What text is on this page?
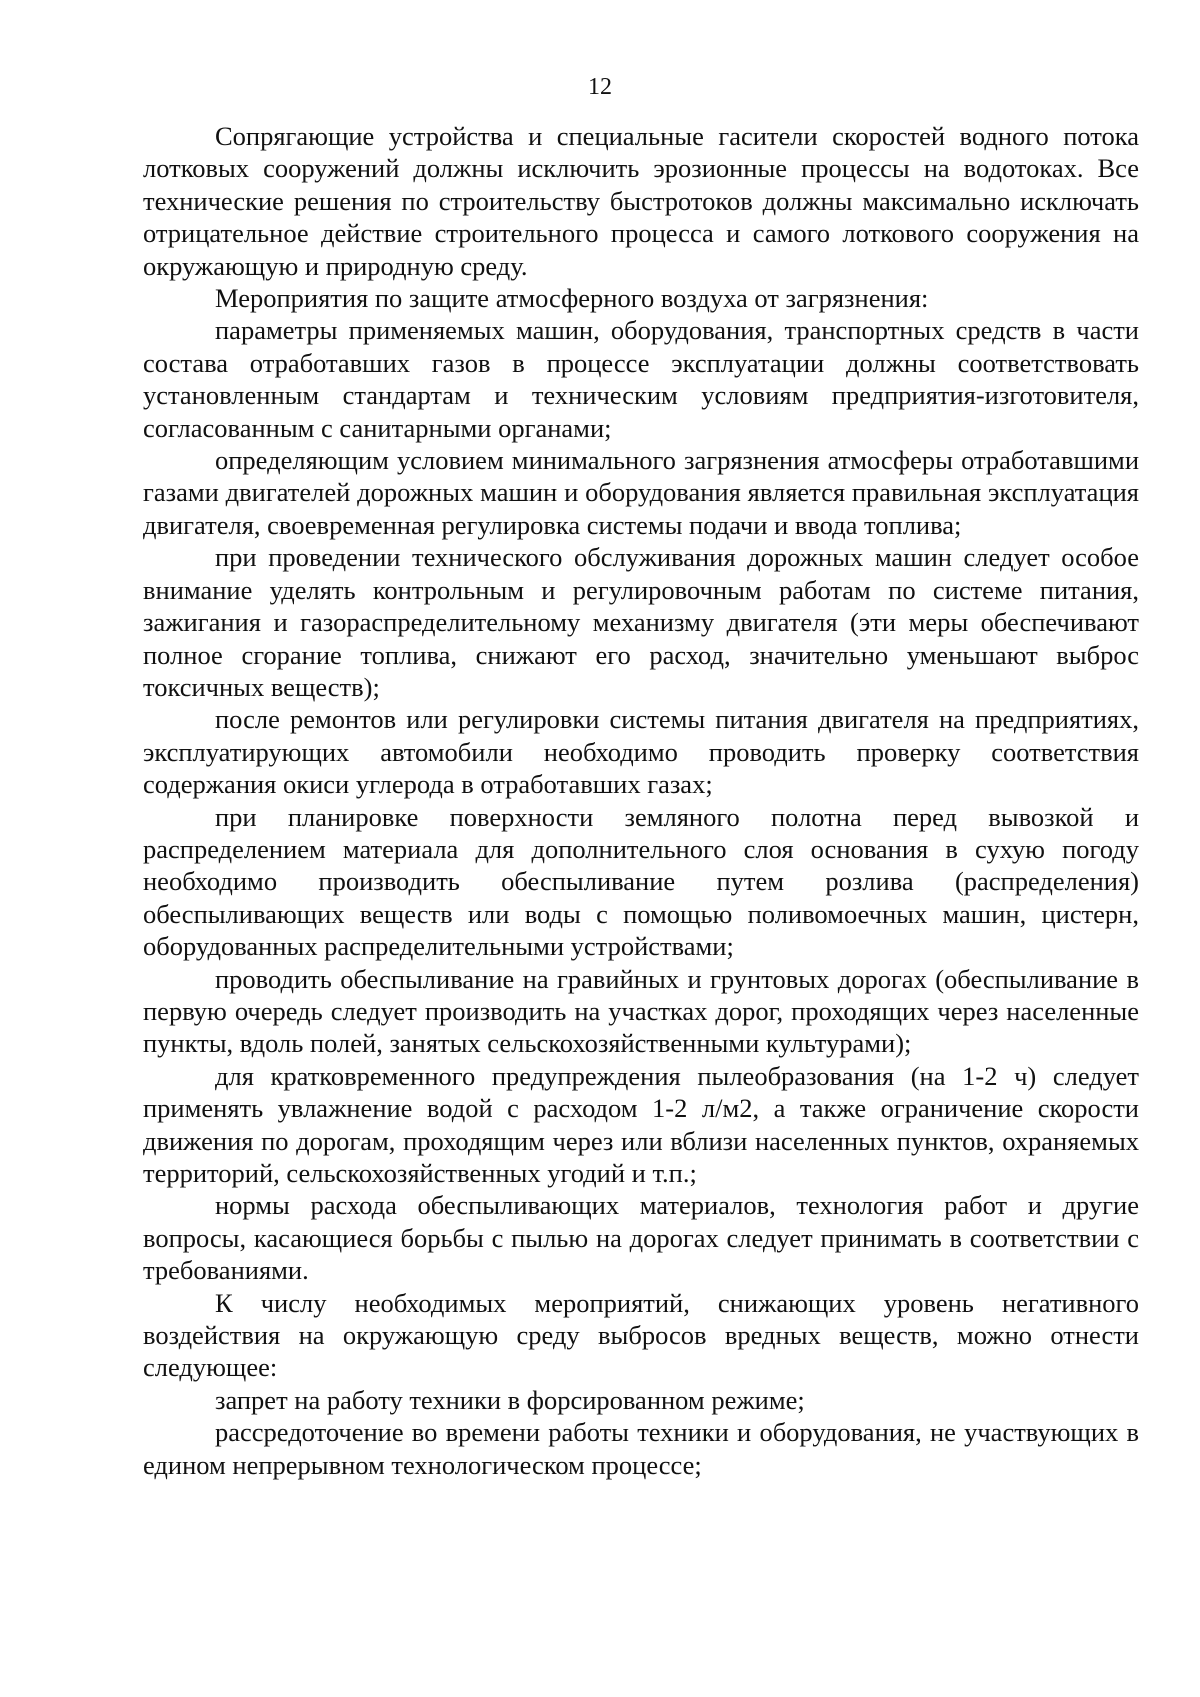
12

Сопрягающие устройства и специальные гасители скоростей водного потока лотковых сооружений должны исключить эрозионные процессы на водотоках. Все технические решения по строительству быстротоков должны максимально исключать отрицательное действие строительного процесса и самого лоткового сооружения на окружающую и природную среду.

Мероприятия по защите атмосферного воздуха от загрязнения:

параметры применяемых машин, оборудования, транспортных средств в части состава отработавших газов в процессе эксплуатации должны соответствовать установленным стандартам и техническим условиям предприятия-изготовителя, согласованным с санитарными органами;

определяющим условием минимального загрязнения атмосферы отработавшими газами двигателей дорожных машин и оборудования является правильная эксплуатация двигателя, своевременная регулировка системы подачи и ввода топлива;

при проведении технического обслуживания дорожных машин следует особое внимание уделять контрольным и регулировочным работам по системе питания, зажигания и газораспределительному механизму двигателя (эти меры обеспечивают полное сгорание топлива, снижают его расход, значительно уменьшают выброс токсичных веществ);

после ремонтов или регулировки системы питания двигателя на предприятиях, эксплуатирующих автомобили необходимо проводить проверку соответствия содержания окиси углерода в отработавших газах;

при планировке поверхности земляного полотна перед вывозкой и распределением материала для дополнительного слоя основания в сухую погоду необходимо производить обеспыливание путем розлива (распределения) обеспыливающих веществ или воды с помощью поливомоечных машин, цистерн, оборудованных распределительными устройствами;

проводить обеспыливание на гравийных и грунтовых дорогах (обеспыливание в первую очередь следует производить на участках дорог, проходящих через населенные пункты, вдоль полей, занятых сельскохозяйственными культурами);

для кратковременного предупреждения пылеобразования (на 1-2 ч) следует применять увлажнение водой с расходом 1-2 л/м2, а также ограничение скорости движения по дорогам, проходящим через или вблизи населенных пунктов, охраняемых территорий, сельскохозяйственных угодий и т.п.;

нормы расхода обеспыливающих материалов, технология работ и другие вопросы, касающиеся борьбы с пылью на дорогах следует принимать в соответствии с требованиями.

К числу необходимых мероприятий, снижающих уровень негативного воздействия на окружающую среду выбросов вредных веществ, можно отнести следующее:

запрет на работу техники в форсированном режиме;

рассредоточение во времени работы техники и оборудования, не участвующих в едином непрерывном технологическом процессе;
